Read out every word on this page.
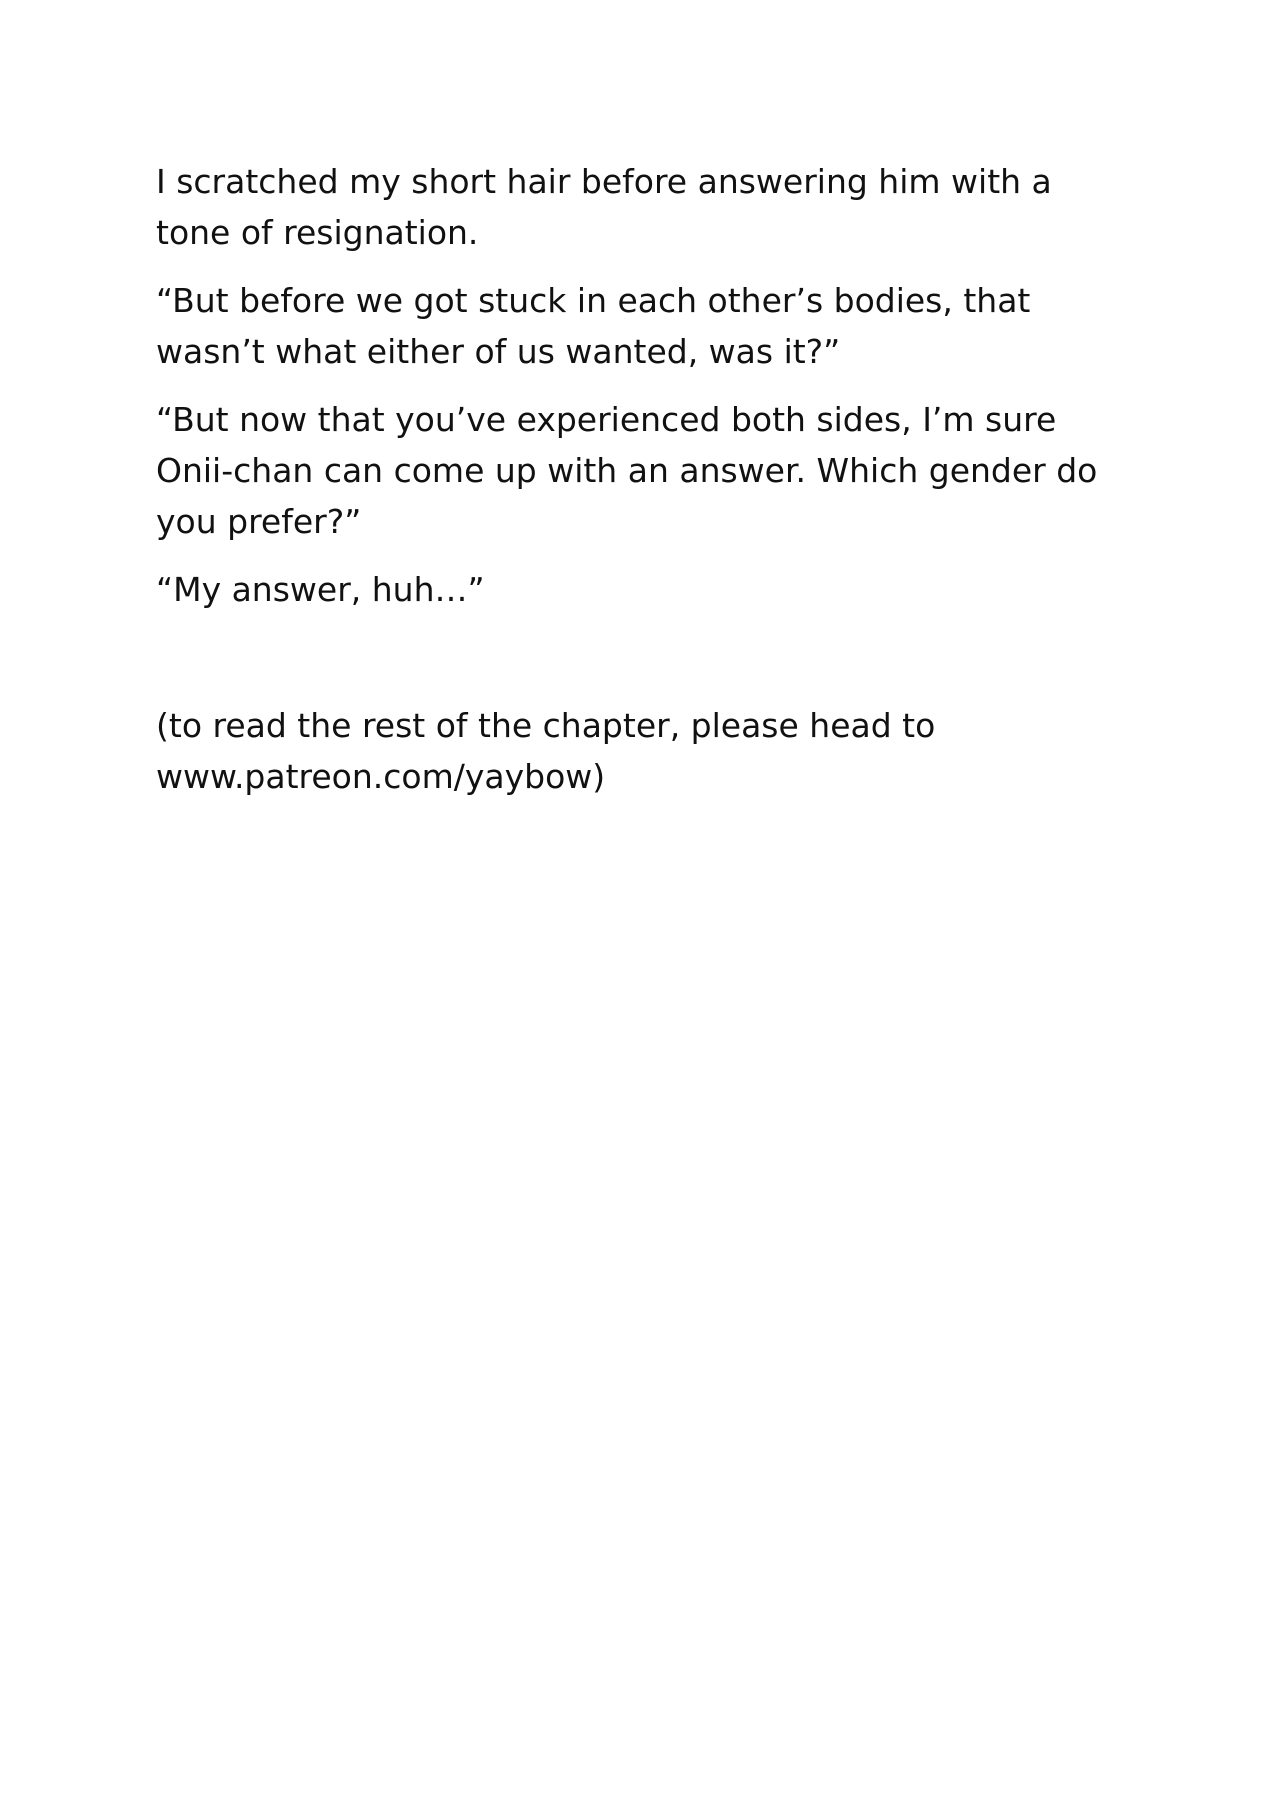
I scratched my short hair before answering him with a tone of resignation.

“But before we got stuck in each other’s bodies, that wasn’t what either of us wanted, was it?”

“But now that you’ve experienced both sides, I’m sure Onii-chan can come up with an answer. Which gender do you prefer?”

“My answer, huh…”

(to read the rest of the chapter, please head to www.patreon.com/yaybow)
